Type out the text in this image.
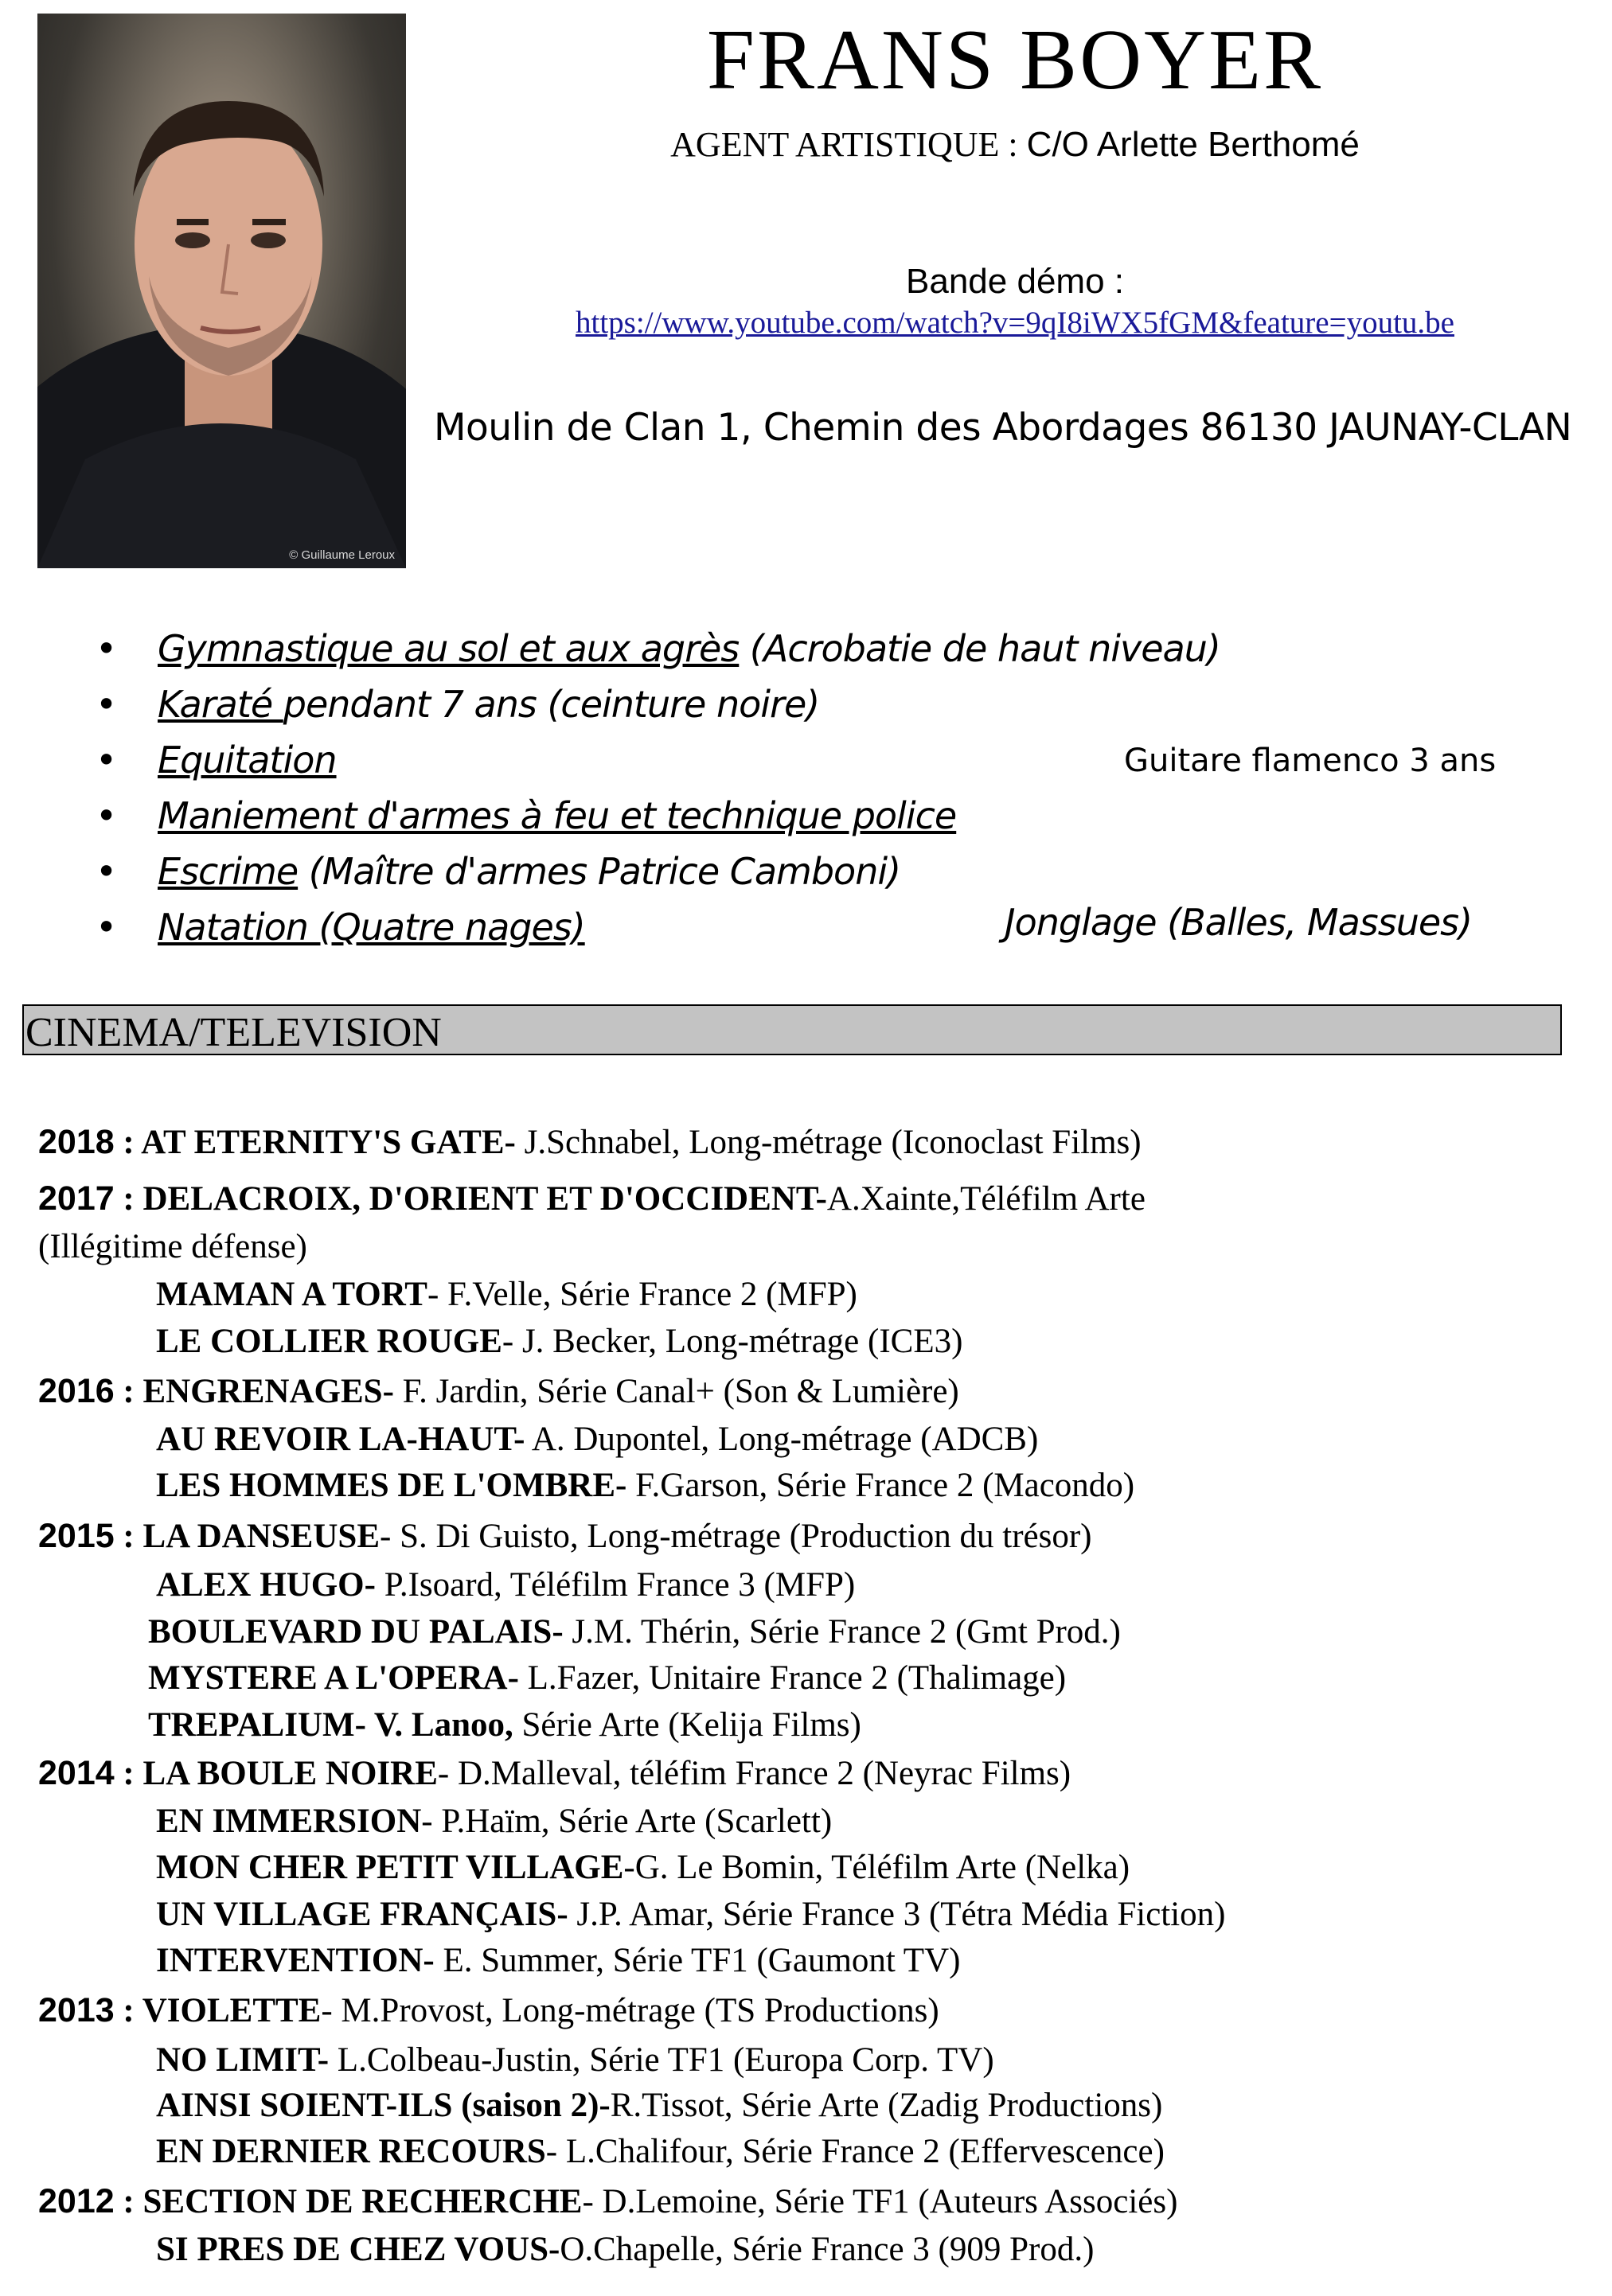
© Guillaume Leroux
FRANS BOYER
AGENT ARTISTIQUE : C/O Arlette Berthomé
Bande démo :
https://www.youtube.com/watch?v=9qI8iWX5fGM&feature=youtu.be
Moulin de Clan 1, Chemin des Abordages 86130 JAUNAY-CLAN
• Gymnastique au sol et aux agrès (Acrobatie de haut niveau)
• Karaté pendant 7 ans (ceinture noire)
• Equitation
• Maniement d'armes à feu et technique police
• Escrime (Maître d'armes Patrice Camboni)
• Natation (Quatre nages)
Guitare flamenco 3 ans
Jonglage (Balles, Massues)
CINEMA/TELEVISION
2018 : AT ETERNITY'S GATE- J.Schnabel, Long-métrage (Iconoclast Films)
2017 : DELACROIX, D'ORIENT ET D'OCCIDENT-A.Xainte,Téléfilm Arte
(Illégitime défense)
MAMAN A TORT- F.Velle, Série France 2 (MFP)
LE COLLIER ROUGE- J. Becker, Long-métrage (ICE3)
2016 : ENGRENAGES- F. Jardin, Série Canal+ (Son & Lumière)
AU REVOIR LA-HAUT- A. Dupontel, Long-métrage (ADCB)
LES HOMMES DE L'OMBRE- F.Garson, Série France 2 (Macondo)
2015 : LA DANSEUSE- S. Di Guisto, Long-métrage (Production du trésor)
ALEX HUGO- P.Isoard, Téléfilm France 3 (MFP)
BOULEVARD DU PALAIS- J.M. Thérin, Série France 2 (Gmt Prod.)
MYSTERE A L'OPERA- L.Fazer, Unitaire France 2 (Thalimage)
TREPALIUM- V. Lanoo, Série Arte (Kelija Films)
2014 : LA BOULE NOIRE- D.Malleval, téléfim France 2 (Neyrac Films)
EN IMMERSION- P.Haïm, Série Arte (Scarlett)
MON CHER PETIT VILLAGE-G. Le Bomin, Téléfilm Arte (Nelka)
UN VILLAGE FRANÇAIS- J.P. Amar, Série France 3 (Tétra Média Fiction)
INTERVENTION- E. Summer, Série TF1 (Gaumont TV)
2013 : VIOLETTE- M.Provost, Long-métrage (TS Productions)
NO LIMIT- L.Colbeau-Justin, Série TF1 (Europa Corp. TV)
AINSI SOIENT-ILS (saison 2)-R.Tissot, Série Arte (Zadig Productions)
EN DERNIER RECOURS- L.Chalifour, Série France 2 (Effervescence)
2012 : SECTION DE RECHERCHE- D.Lemoine, Série TF1 (Auteurs Associés)
SI PRES DE CHEZ VOUS-O.Chapelle, Série France 3 (909 Prod.)
